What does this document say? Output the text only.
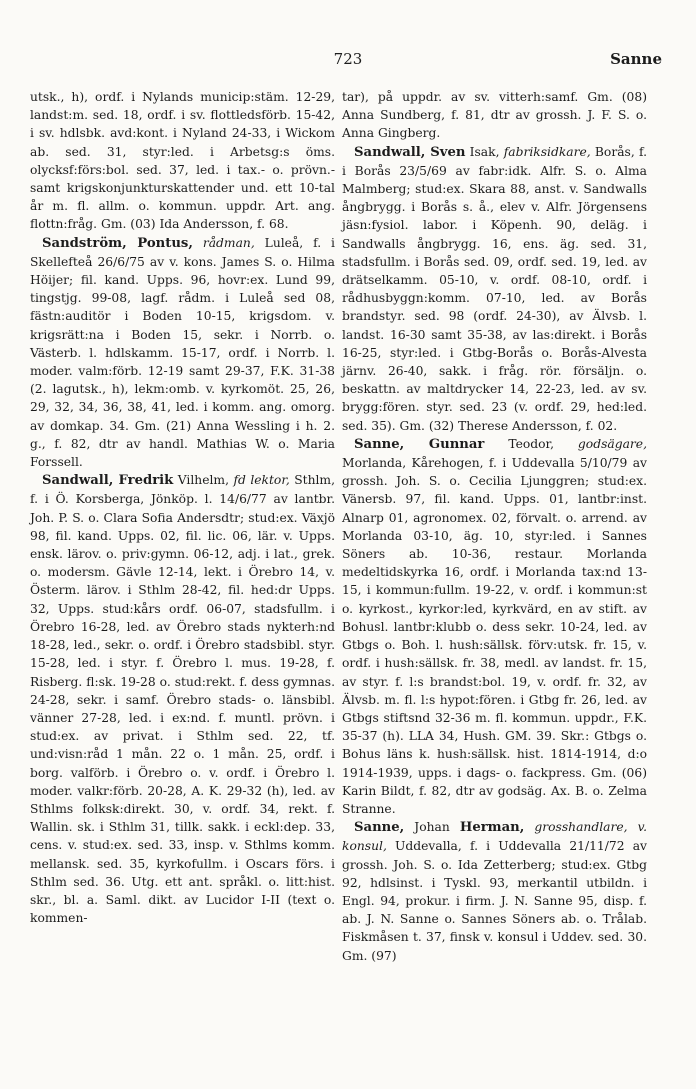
723	Sanne

utsk., h), ordf. i Nylands municip:stäm. 12-29, landst:m. sed. 18, ordf. i sv. flottledsförb. 15-42, i sv. hdlsbk. avd:kont. i Nyland 24-33, i Wickom ab. sed. 31, styr:led. i Arbetsg:s öms. olycksf:förs:bol. sed. 37, led. i tax.- o. prövn.- samt krigskonjunkturskattender und. ett 10-tal år m. fl. allm. o. kommun. uppdr. Art. ang. flottn:fråg. Gm. (03) Ida Andersson, f. 68.

Sandström, Pontus, rådman, Luleå, f. i Skellefteå 26/6/75 av v. kons. James S. o. Hilma Höijer; fil. kand. Upps. 96, hovr:ex. Lund 99, tingstjg. 99-08, lagf. rådm. i Luleå sed 08, fästn:auditör i Boden 10-15, krigsdom. v. krigsrätt:na i Boden 15, sekr. i Norrb. o. Västerb. l. hdlskamm. 15-17, ordf. i Norrb. l. moder. valm:förb. 12-19 samt 29-37, F.K. 31-38 (2. lagutsk., h), lekm:omb. v. kyrkomöt. 25, 26, 29, 32, 34, 36, 38, 41, led. i komm. ang. omorg. av domkap. 34. Gm. (21) Anna Wessling i h. 2. g., f. 82, dtr av handl. Mathias W. o. Maria Forssell.

Sandwall, Fredrik Vilhelm, fd lektor, Sthlm, f. i Ö. Korsberga, Jönköp. l. 14/6/77 av lantbr. Joh. P. S. o. Clara Sofia Andersdtr; stud:ex. Växjö 98, fil. kand. Upps. 02, fil. lic. 06, lär. v. Upps. ensk. lärov. o. priv:gymn. 06-12, adj. i lat., grek. o. modersm. Gävle 12-14, lekt. i Örebro 14, v. Österm. lärov. i Sthlm 28-42, fil. hed:dr Upps. 32, Upps. stud:kårs ordf. 06-07, stadsfullm. i Örebro 16-28, led. av Örebro stads nykterh:nd 18-28, led., sekr. o. ordf. i Örebro stadsbibl. styr. 15-28, led. i styr. f. Örebro l. mus. 19-28, f. Risberg. fl:sk. 19-28 o. stud:rekt. f. dess gymnas. 24-28, sekr. i samf. Örebro stads- o. länsbibl. vänner 27-28, led. i ex:nd. f. muntl. prövn. i stud:ex. av privat. i Sthlm sed. 22, tf. und:visn:råd 1 mån. 22 o. 1 mån. 25, ordf. i borg. valförb. i Örebro o. v. ordf. i Örebro l. moder. valkr:förb. 20-28, A. K. 29-32 (h), led. av Sthlms folksk:direkt. 30, v. ordf. 34, rekt. f. Wallin. sk. i Sthlm 31, tillk. sakk. i eckl:dep. 33, cens. v. stud:ex. sed. 33, insp. v. Sthlms komm. mellansk. sed. 35, kyrkofullm. i Oscars förs. i Sthlm sed. 36. Utg. ett ant. språkl. o. litt:hist. skr., bl. a. Saml. dikt. av Lucidor I-II (text o. kommen-

tar), på uppdr. av sv. vitterh:samf. Gm. (08) Anna Sundberg, f. 81, dtr av grossh. J. F. S. o. Anna Gingberg.

Sandwall, Sven Isak, fabriksidkare, Borås, f. i Borås 23/5/69 av fabr:idk. Alfr. S. o. Alma Malmberg; stud:ex. Skara 88, anst. v. Sandwalls ångbrygg. i Borås s. å., elev v. Alfr. Jörgensens jäsn:fysiol. labor. i Köpenh. 90, deläg. i Sandwalls ångbrygg. 16, ens. äg. sed. 31, stadsfullm. i Borås sed. 09, ordf. sed. 19, led. av drätselkamm. 05-10, v. ordf. 08-10, ordf. i rådhusbyggn:komm. 07-10, led. av Borås brandstyr. sed. 98 (ordf. 24-30), av Älvsb. l. landst. 16-30 samt 35-38, av las:direkt. i Borås 16-25, styr:led. i Gtbg-Borås o. Borås-Alvesta järnv. 26-40, sakk. i fråg. rör. försäljn. o. beskattn. av maltdrycker 14, 22-23, led. av sv. brygg:fören. styr. sed. 23 (v. ordf. 29, hed:led. sed. 35). Gm. (32) Therese Andersson, f. 02.

Sanne, Gunnar Teodor, godsägare, Morlanda, Kårehogen, f. i Uddevalla 5/10/79 av grossh. Joh. S. o. Cecilia Ljunggren; stud:ex. Vänersb. 97, fil. kand. Upps. 01, lantbr:inst. Alnarp 01, agronomex. 02, förvalt. o. arrend. av Morlanda 03-10, äg. 10, styr:led. i Sannes Söners ab. 10-36, restaur. Morlanda medeltidskyrka 16, ordf. i Morlanda tax:nd 13-15, i kommun:fullm. 19-22, v. ordf. i kommun:st o. kyrkost., kyrkor:led, kyrkvärd, en av stift. av Bohusl. lantbr:klubb o. dess sekr. 10-24, led. av Gtbgs o. Boh. l. hush:sällsk. förv:utsk. fr. 15, v. ordf. i hush:sällsk. fr. 38, medl. av landst. fr. 15, av styr. f. l:s brandst:bol. 19, v. ordf. fr. 32, av Älvsb. m. fl. l:s hypot:fören. i Gtbg fr. 26, led. av Gtbgs stiftsnd 32-36 m. fl. kommun. uppdr., F.K. 35-37 (h). LLA 34, Hush. GM. 39. Skr.: Gtbgs o. Bohus läns k. hush:sällsk. hist. 1814-1914, d:o 1914-1939, upps. i dags- o. fackpress. Gm. (06) Karin Bildt, f. 82, dtr av godsäg. Ax. B. o. Zelma Stranne.

Sanne, Johan Herman, grosshandlare, v. konsul, Uddevalla, f. i Uddevalla 21/11/72 av grossh. Joh. S. o. Ida Zetterberg; stud:ex. Gtbg 92, hdlsinst. i Tyskl. 93, merkantil utbildn. i Engl. 94, prokur. i firm. J. N. Sanne 95, disp. f. ab. J. N. Sanne o. Sannes Söners ab. o. Trålab. Fiskmåsen t. 37, finsk v. konsul i Uddev. sed. 30. Gm. (97)
